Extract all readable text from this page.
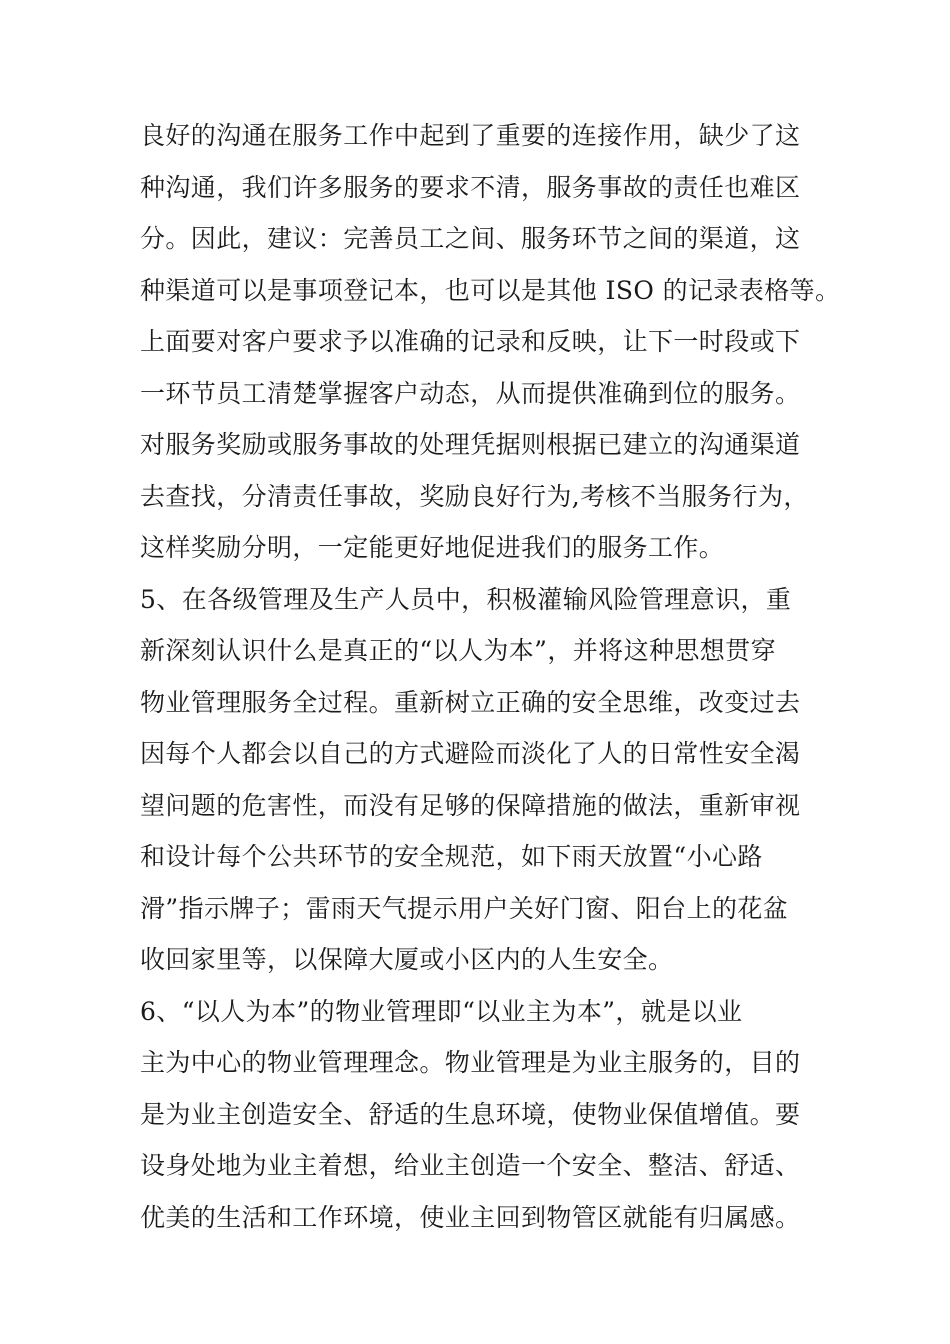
良好的沟通在服务工作中起到了重要的连接作用，缺少了这
种沟通，我们许多服务的要求不清，服务事故的责任也难区
分。因此，建议：完善员工之间、服务环节之间的渠道，这
种渠道可以是事项登记本，也可以是其他 ISO 的记录表格等。
上面要对客户要求予以准确的记录和反映，让下一时段或下
一环节员工清楚掌握客户动态，从而提供准确到位的服务。
对服务奖励或服务事故的处理凭据则根据已建立的沟通渠道
去查找，分清责任事故，奖励良好行为,考核不当服务行为，
这样奖励分明，一定能更好地促进我们的服务工作。
5、在各级管理及生产人员中，积极灌输风险管理意识，重
新深刻认识什么是真正的“以人为本”，并将这种思想贯穿
物业管理服务全过程。重新树立正确的安全思维，改变过去
因每个人都会以自己的方式避险而淡化了人的日常性安全渴
望问题的危害性，而没有足够的保障措施的做法，重新审视
和设计每个公共环节的安全规范，如下雨天放置“小心路
滑”指示牌子；雷雨天气提示用户关好门窗、阳台上的花盆
收回家里等，以保障大厦或小区内的人生安全。
6、“以人为本”的物业管理即“以业主为本”，就是以业
主为中心的物业管理理念。物业管理是为业主服务的，目的
是为业主创造安全、舒适的生息环境，使物业保值增值。要
设身处地为业主着想，给业主创造一个安全、整洁、舒适、
优美的生活和工作环境，使业主回到物管区就能有归属感。
